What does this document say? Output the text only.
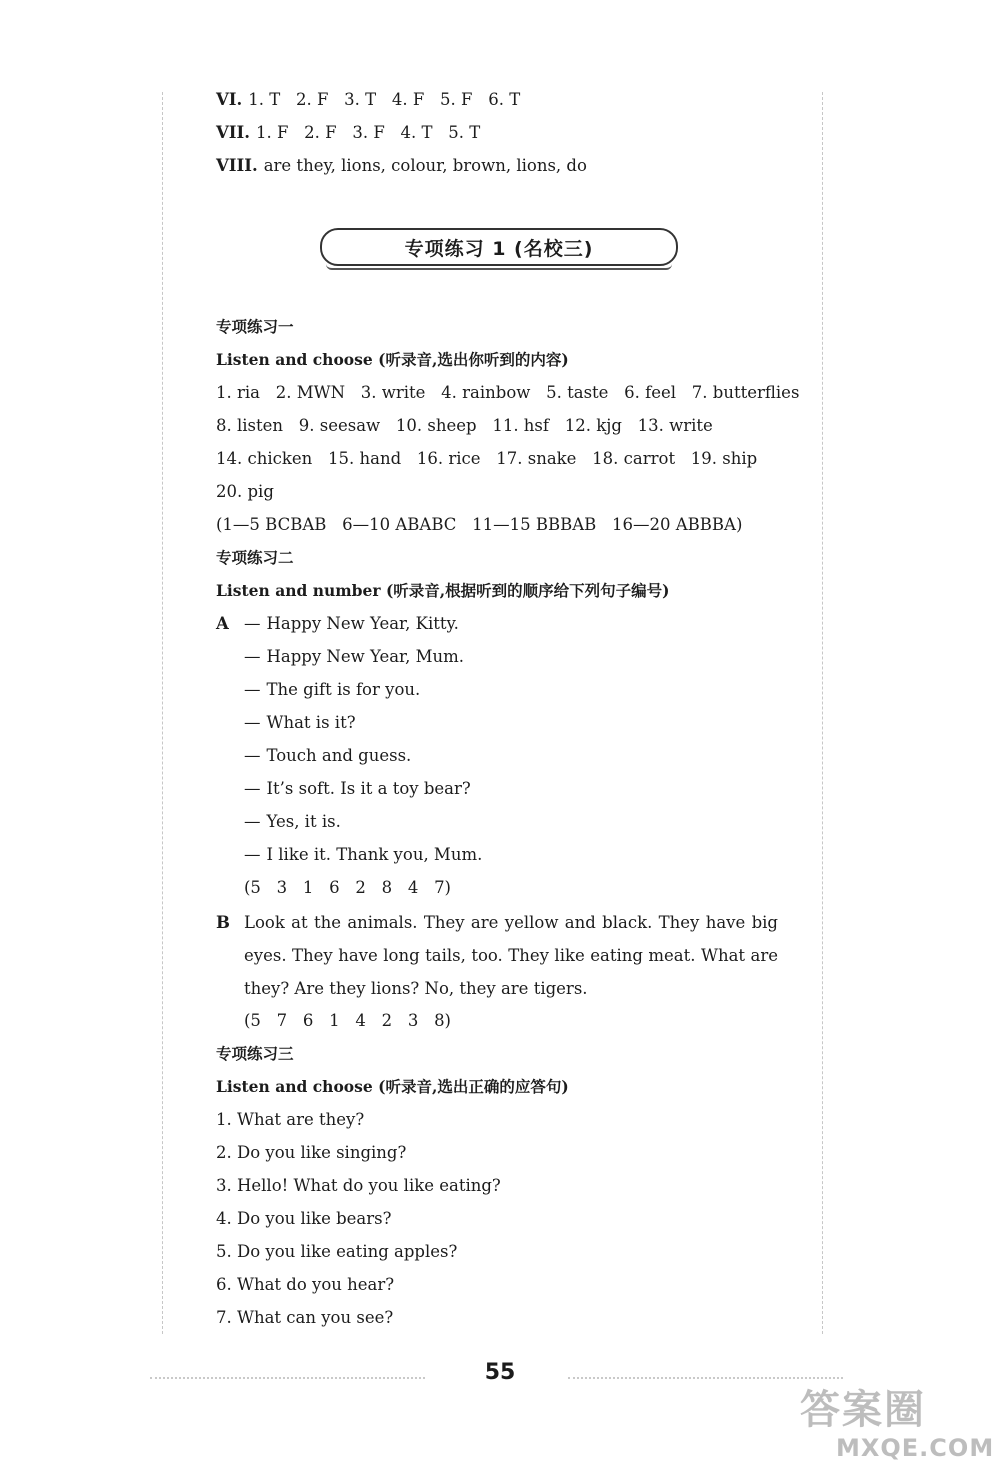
VI. 1. T   2. F   3. T   4. F   5. F   6. T
VII. 1. F   2. F   3. F   4. T   5. T
VIII. are they, lions, colour, brown, lions, do
专项练习 1 (名校三)
专项练习一
Listen and choose (听录音,选出你听到的内容)
1. ria   2. MWN   3. write   4. rainbow   5. taste   6. feel   7. butterflies
8. listen   9. seesaw   10. sheep   11. hsf   12. kjg   13. write
14. chicken   15. hand   16. rice   17. snake   18. carrot   19. ship
20. pig
(1—5 BCBAB   6—10 ABABC   11—15 BBBAB   16—20 ABBBA)
专项练习二
Listen and number (听录音,根据听到的顺序给下列句子编号)
A — Happy New Year, Kitty.
— Happy New Year, Mum.
— The gift is for you.
— What is it?
— Touch and guess.
— It’s soft. Is it a toy bear?
— Yes, it is.
— I like it. Thank you, Mum.
(5   3   1   6   2   8   4   7)
B Look at the animals. They are yellow and black. They have big eyes. They have long tails, too. They like eating meat. What are they? Are they lions? No, they are tigers.
(5   7   6   1   4   2   3   8)
专项练习三
Listen and choose (听录音,选出正确的应答句)
1. What are they?
2. Do you like singing?
3. Hello! What do you like eating?
4. Do you like bears?
5. Do you like eating apples?
6. What do you hear?
7. What can you see?
55
答案圈
MXQE.COM
